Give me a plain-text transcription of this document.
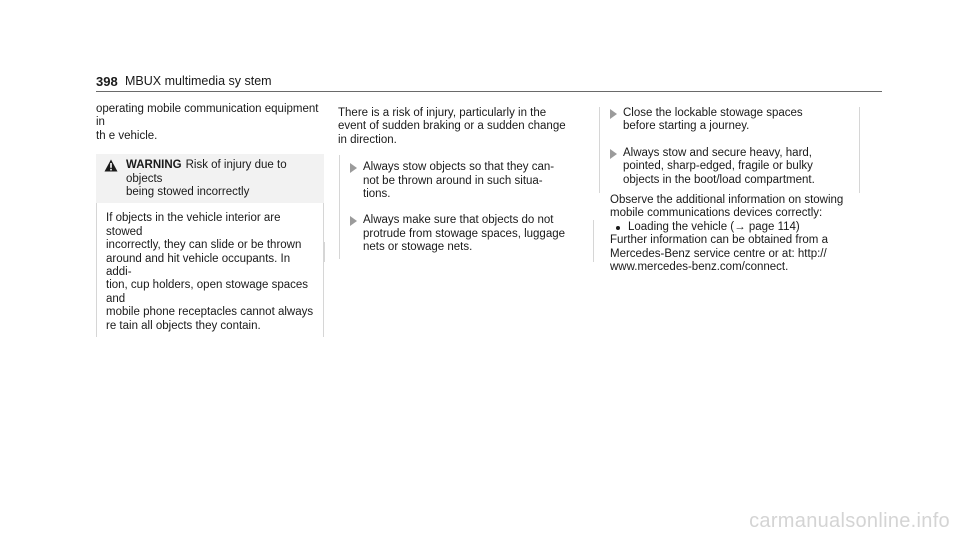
398 MBUX multimedia sy stem

operating mobile communication equipment in

th e vehicle.

WARNING Risk of injury due to objects
being stowed incorrectly

If objects in the vehicle interior are stowed

incorrectly, they can slide or be thrown

around and hit vehicle occupants. In addi‐

tion, cup holders, open stowage spaces and

mobile phone receptacles cannot always

re tain all objects they contain.

There is a risk of injury, particularly in the

event of sudden braking or a sudden change

in direction.

Always stow objects so that they can‐

not be thrown around in such situa‐

tions.

Always make sure that objects do not

protrude from stowage spaces, luggage

nets or stowage nets.

Close the lockable stowage spaces

before starting a journey.

Always stow and secure heavy, hard,

pointed, sharp-edged, fragile or bulky

objects in the boot/load compartment.

Observe the additional information on stowing

mobile communications devices correctly:

Loading the vehicle (→ page 114)

Further information can be obtained from a

Mercedes-Benz service centre or at: http://

www.mercedes-benz.com/connect.

carmanualsonline.info
